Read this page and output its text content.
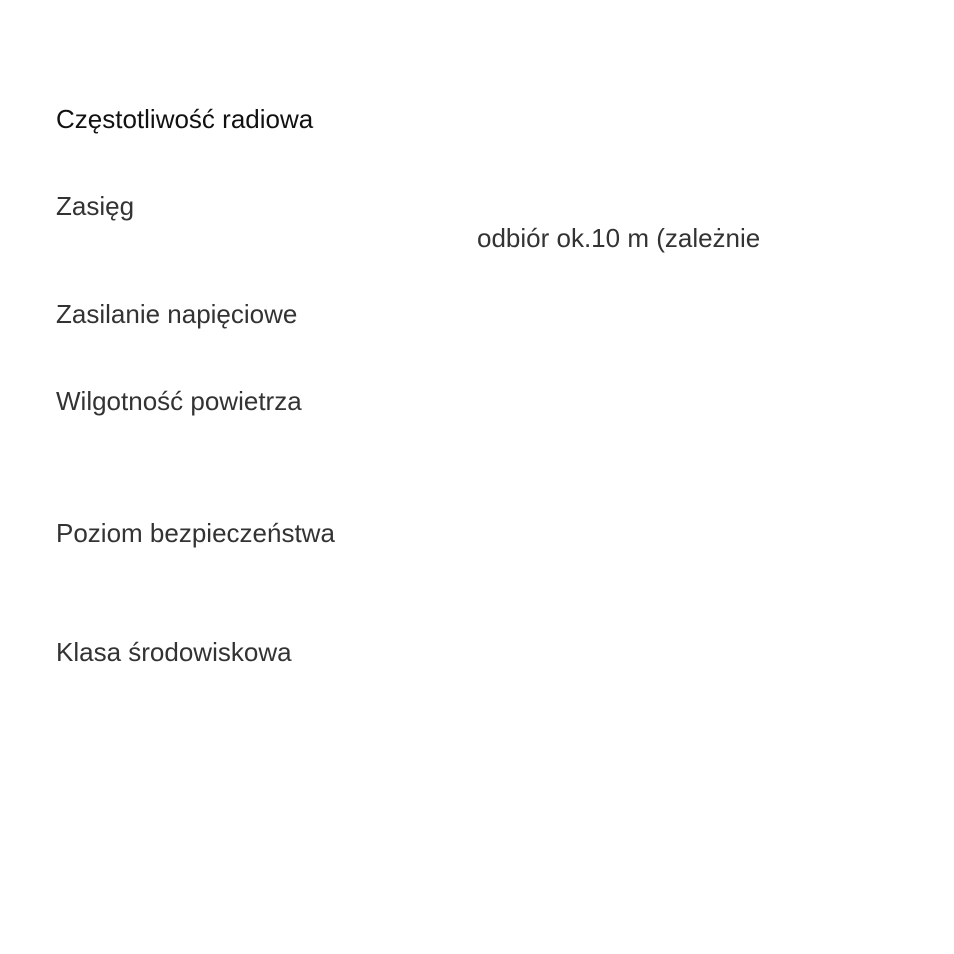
Częstotliwość radiowa
Zasięg
odbiór ok.10 m (zależnie
Zasilanie napięciowe
Wilgotność powietrza
Poziom bezpieczeństwa
Klasa środowiskowa
